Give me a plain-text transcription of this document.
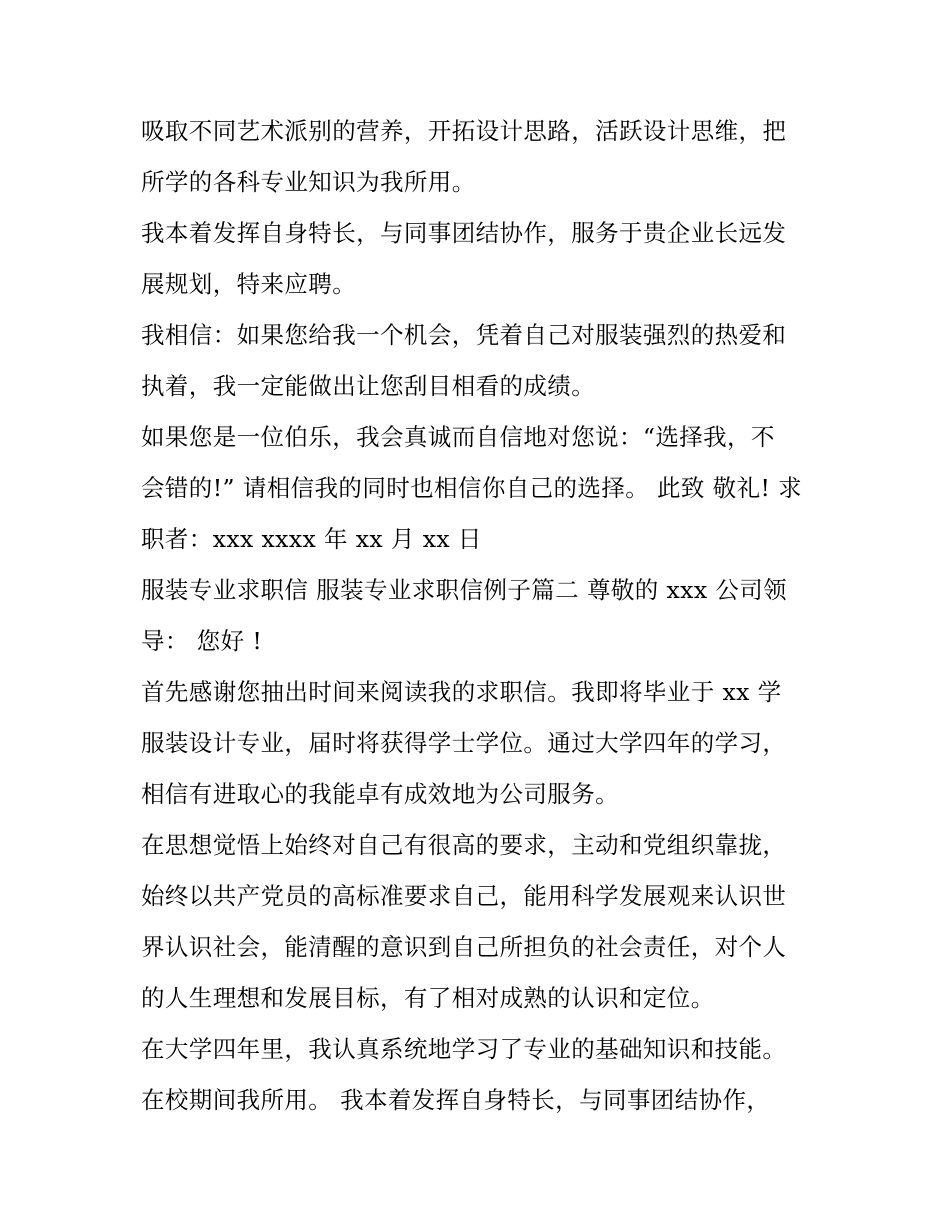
吸取不同艺术派别的营养，开拓设计思路，活跃设计思维，把
所学的各科专业知识为我所用。
我本着发挥自身特长，与同事团结协作，服务于贵企业长远发
展规划，特来应聘。
我相信：如果您给我一个机会，凭着自己对服装强烈的热爱和
执着，我一定能做出让您刮目相看的成绩。
如果您是一位伯乐，我会真诚而自信地对您说：“选择我，不
会错的!” 请相信我的同时也相信你自己的选择。 此致 敬礼! 求
职者：xxx xxxx 年 xx 月 xx 日
服装专业求职信 服装专业求职信例子篇二 尊敬的 xxx 公司领
导： 您好 !
首先感谢您抽出时间来阅读我的求职信。我即将毕业于 xx 学
服装设计专业，届时将获得学士学位。通过大学四年的学习，
相信有进取心的我能卓有成效地为公司服务。
在思想觉悟上始终对自己有很高的要求，主动和党组织靠拢，
始终以共产党员的高标准要求自己，能用科学发展观来认识世
界认识社会，能清醒的意识到自己所担负的社会责任，对个人
的人生理想和发展目标，有了相对成熟的认识和定位。
在大学四年里，我认真系统地学习了专业的基础知识和技能。
在校期间我所用。 我本着发挥自身特长，与同事团结协作，
